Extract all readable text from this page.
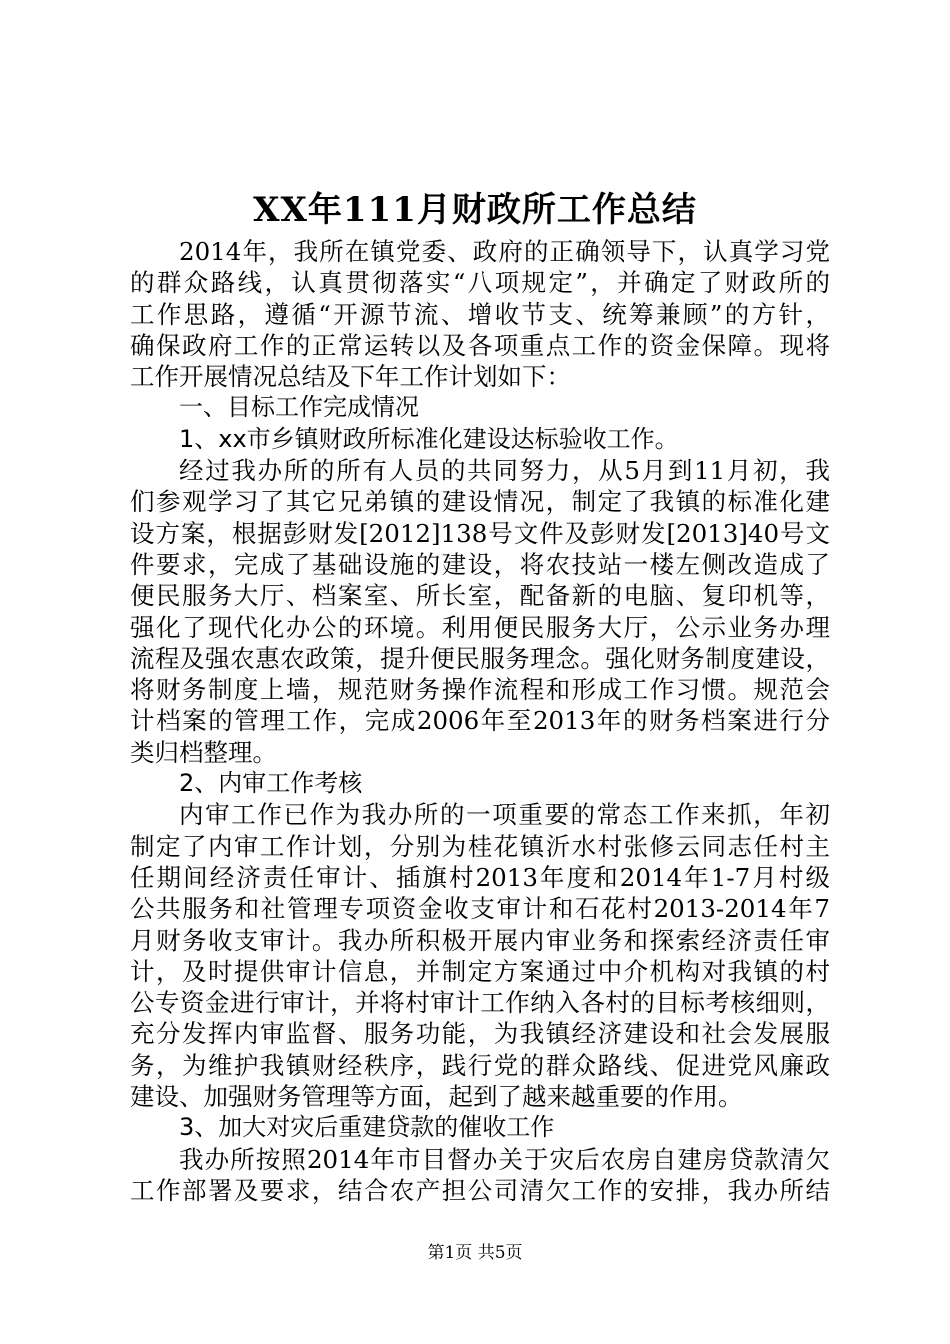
XX年111月财政所工作总结
2014年，我所在镇党委、政府的正确领导下，认真学习党
的群众路线，认真贯彻落实“八项规定”，并确定了财政所的
工作思路，遵循“开源节流、增收节支、统筹兼顾”的方针，
确保政府工作的正常运转以及各项重点工作的资金保障。现将
工作开展情况总结及下年工作计划如下：
一、目标工作完成情况
1、xx市乡镇财政所标准化建设达标验收工作。
经过我办所的所有人员的共同努力，从5月到11月初，我
们参观学习了其它兄弟镇的建设情况，制定了我镇的标准化建
设方案，根据彭财发[2012]138号文件及彭财发[2013]40号文
件要求，完成了基础设施的建设，将农技站一楼左侧改造成了
便民服务大厅、档案室、所长室，配备新的电脑、复印机等，
强化了现代化办公的环境。利用便民服务大厅，公示业务办理
流程及强农惠农政策，提升便民服务理念。强化财务制度建设，
将财务制度上墙，规范财务操作流程和形成工作习惯。规范会
计档案的管理工作，完成2006年至2013年的财务档案进行分
类归档整理。
2、内审工作考核
内审工作已作为我办所的一项重要的常态工作来抓，年初
制定了内审工作计划，分别为桂花镇沂水村张修云同志任村主
任期间经济责任审计、插旗村2013年度和2014年1-7月村级
公共服务和社管理专项资金收支审计和石花村2013-2014年7
月财务收支审计。我办所积极开展内审业务和探索经济责任审
计，及时提供审计信息，并制定方案通过中介机构对我镇的村
公专资金进行审计，并将村审计工作纳入各村的目标考核细则，
充分发挥内审监督、服务功能，为我镇经济建设和社会发展服
务，为维护我镇财经秩序，践行党的群众路线、促进党风廉政
建设、加强财务管理等方面，起到了越来越重要的作用。
3、加大对灾后重建贷款的催收工作
我办所按照2014年市目督办关于灾后农房自建房贷款清欠
工作部署及要求，结合农产担公司清欠工作的安排，我办所结
第1页 共5页
